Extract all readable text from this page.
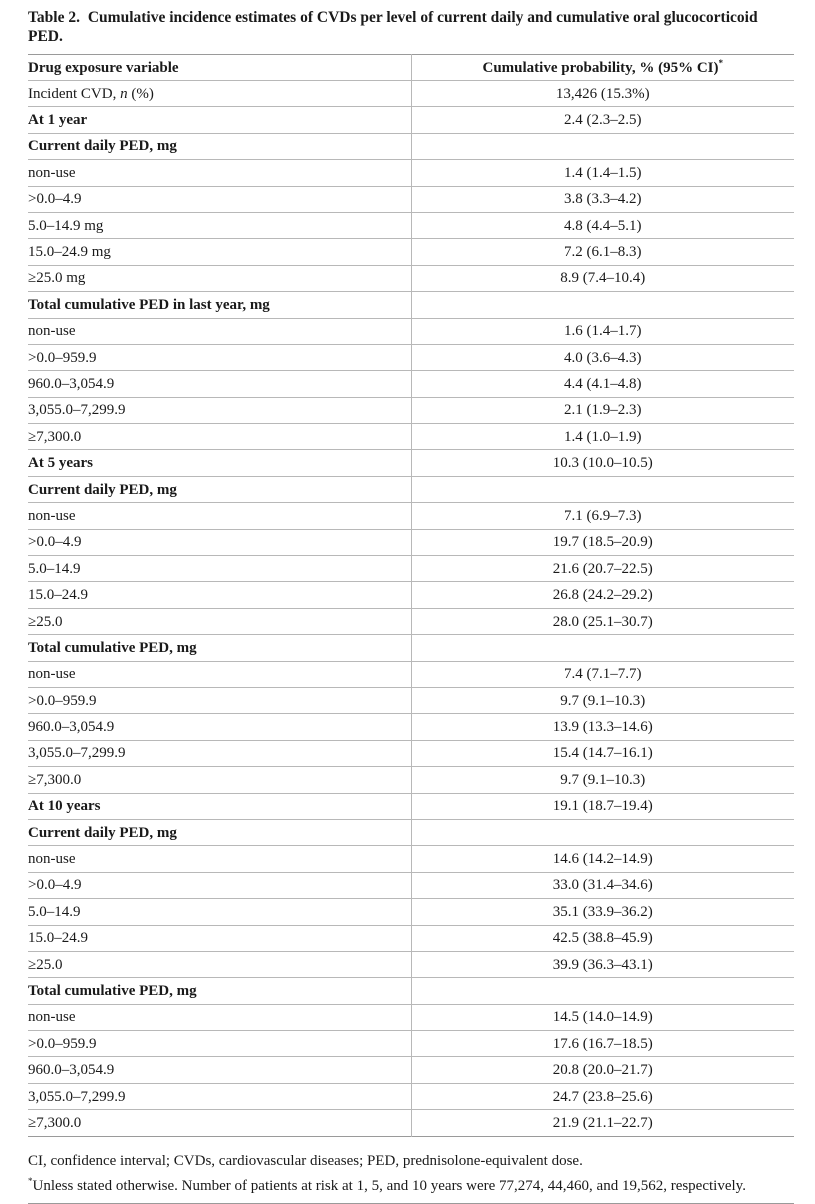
Table 2. Cumulative incidence estimates of CVDs per level of current daily and cumulative oral glucocorticoid PED.

Drug exposure variable	Cumulative probability, % (95% CI)*
Incident CVD, n (%)	13,426 (15.3%)
At 1 year	2.4 (2.3–2.5)
Current daily PED, mg	
non-use	1.4 (1.4–1.5)
>0.0–4.9	3.8 (3.3–4.2)
5.0–14.9 mg	4.8 (4.4–5.1)
15.0–24.9 mg	7.2 (6.1–8.3)
≥25.0 mg	8.9 (7.4–10.4)
Total cumulative PED in last year, mg	
non-use	1.6 (1.4–1.7)
>0.0–959.9	4.0 (3.6–4.3)
960.0–3,054.9	4.4 (4.1–4.8)
3,055.0–7,299.9	2.1 (1.9–2.3)
≥7,300.0	1.4 (1.0–1.9)
At 5 years	10.3 (10.0–10.5)
Current daily PED, mg	
non-use	7.1 (6.9–7.3)
>0.0–4.9	19.7 (18.5–20.9)
5.0–14.9	21.6 (20.7–22.5)
15.0–24.9	26.8 (24.2–29.2)
≥25.0	28.0 (25.1–30.7)
Total cumulative PED, mg	
non-use	7.4 (7.1–7.7)
>0.0–959.9	9.7 (9.1–10.3)
960.0–3,054.9	13.9 (13.3–14.6)
3,055.0–7,299.9	15.4 (14.7–16.1)
≥7,300.0	9.7 (9.1–10.3)
At 10 years	19.1 (18.7–19.4)
Current daily PED, mg	
non-use	14.6 (14.2–14.9)
>0.0–4.9	33.0 (31.4–34.6)
5.0–14.9	35.1 (33.9–36.2)
15.0–24.9	42.5 (38.8–45.9)
≥25.0	39.9 (36.3–43.1)
Total cumulative PED, mg	
non-use	14.5 (14.0–14.9)
>0.0–959.9	17.6 (16.7–18.5)
960.0–3,054.9	20.8 (20.0–21.7)
3,055.0–7,299.9	24.7 (23.8–25.6)
≥7,300.0	21.9 (21.1–22.7)

CI, confidence interval; CVDs, cardiovascular diseases; PED, prednisolone-equivalent dose.

*Unless stated otherwise. Number of patients at risk at 1, 5, and 10 years were 77,274, 44,460, and 19,562, respectively.
